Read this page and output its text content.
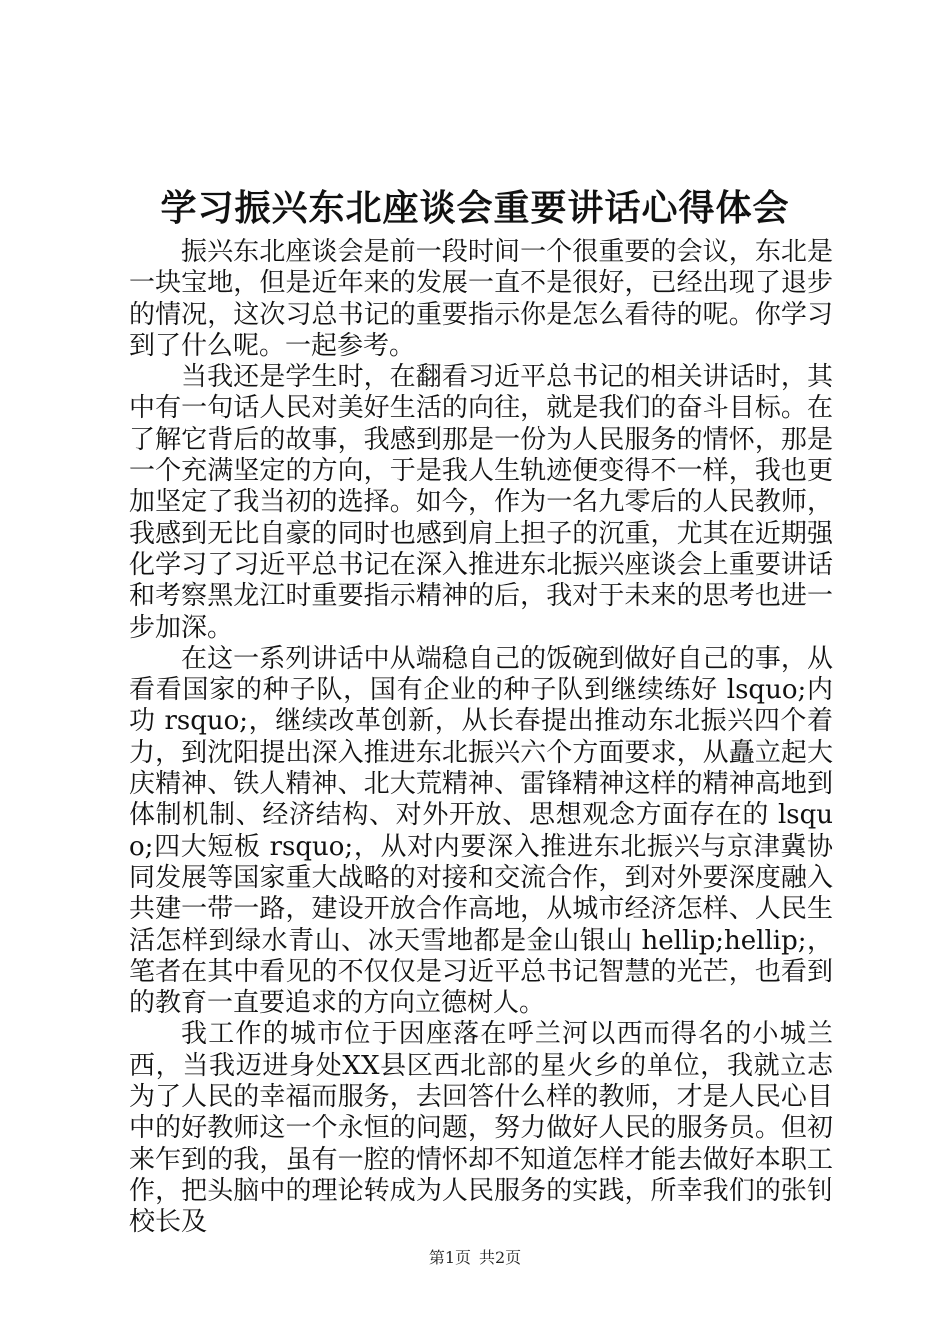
学习振兴东北座谈会重要讲话心得体会

振兴东北座谈会是前一段时间一个很重要的会议，东北是一块宝地，但是近年来的发展一直不是很好，已经出现了退步的情况，这次习总书记的重要指示你是怎么看待的呢。你学习到了什么呢。一起参考。

当我还是学生时，在翻看习近平总书记的相关讲话时，其中有一句话人民对美好生活的向往，就是我们的奋斗目标。在了解它背后的故事，我感到那是一份为人民服务的情怀，那是一个充满坚定的方向，于是我人生轨迹便变得不一样，我也更加坚定了我当初的选择。如今，作为一名九零后的人民教师，我感到无比自豪的同时也感到肩上担子的沉重，尤其在近期强化学习了习近平总书记在深入推进东北振兴座谈会上重要讲话和考察黑龙江时重要指示精神的后，我对于未来的思考也进一步加深。

在这一系列讲话中从端稳自己的饭碗到做好自己的事，从看看国家的种子队，国有企业的种子队到继续练好 lsquo;内功 rsquo;，继续改革创新，从长春提出推动东北振兴四个着力，到沈阳提出深入推进东北振兴六个方面要求，从矗立起大庆精神、铁人精神、北大荒精神、雷锋精神这样的精神高地到体制机制、经济结构、对外开放、思想观念方面存在的 lsquo;四大短板 rsquo;，从对内要深入推进东北振兴与京津冀协同发展等国家重大战略的对接和交流合作，到对外要深度融入共建一带一路，建设开放合作高地，从城市经济怎样、人民生活怎样到绿水青山、冰天雪地都是金山银山 hellip;hellip;，笔者在其中看见的不仅仅是习近平总书记智慧的光芒，也看到的教育一直要追求的方向立德树人。

我工作的城市位于因座落在呼兰河以西而得名的小城兰西，当我迈进身处XX县区西北部的星火乡的单位，我就立志为了人民的幸福而服务，去回答什么样的教师，才是人民心目中的好教师这一个永恒的问题，努力做好人民的服务员。但初来乍到的我，虽有一腔的情怀却不知道怎样才能去做好本职工作，把头脑中的理论转成为人民服务的实践，所幸我们的张钊校长及

第1页 共2页
